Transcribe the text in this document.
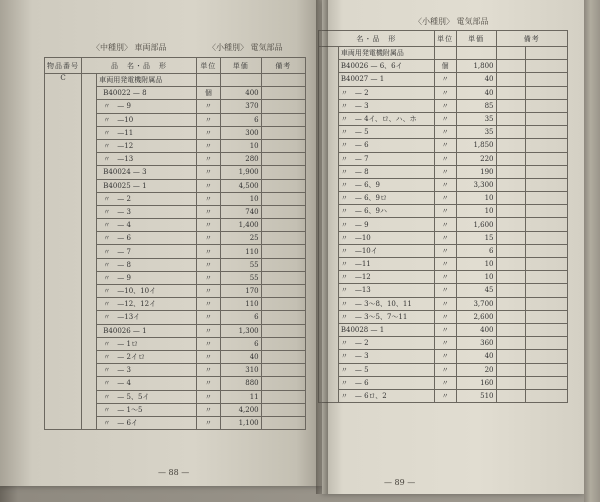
〈中種別〉 車両部品	〈小種別〉 電気部品
物品番号	品　名・品　形		単位	単価	備考
C		車両用発電機附属品			
		B40022 — 8	個	400	
		〃　— 9	〃	370	
		〃　—10	〃	6	
		〃　—11	〃	300	
		〃　—12	〃	10	
		〃　—13	〃	280	
		B40024 — 3	〃	1,900	
		B40025 — 1	〃	4,500	
		〃　— 2	〃	10	
		〃　— 3	〃	740	
		〃　— 4	〃	1,400	
		〃　— 6	〃	25	
		〃　— 7	〃	110	
		〃　— 8	〃	55	
		〃　— 9	〃	55	
		〃　—10、10イ	〃	170	
		〃　—12、12イ	〃	110	
		〃　—13イ	〃	6	
		B40026 — 1	〃	1,300	
		〃　— 1ロ	〃	6	
		〃　— 2イロ	〃	40	
		〃　— 3	〃	310	
		〃　— 4	〃	880	
		〃　— 5、5イ	〃	11	
		〃　— 1〜5	〃	4,200	
		〃　— 6イ	〃	1,100	
— 88 —
〈小種別〉 電気部品
名・品　形		単位	単価	備考	
	車両用発電機附属品				
	B40026 — 6、6イ	個	1,800		
	B40027 — 1	〃	40		
	〃　— 2	〃	40		
	〃　— 3	〃	85		
	〃　— 4イ、ロ、ハ、ホ	〃	35		
	〃　— 5	〃	35		
	〃　— 6	〃	1,850		
	〃　— 7	〃	220		
	〃　— 8	〃	190		
	〃　— 6、9	〃	3,300		
	〃　— 6、9ロ	〃	10		
	〃　— 6、9ハ	〃	10		
	〃　— 9	〃	1,600		
	〃　—10	〃	15		
	〃　—10イ	〃	6		
	〃　—11	〃	10		
	〃　—12	〃	10		
	〃　—13	〃	45		
	〃　— 3〜8、10、11	〃	3,700		
	〃　— 3〜5、7〜11	〃	2,600		
	B40028 — 1	〃	400		
	〃　— 2	〃	360		
	〃　— 3	〃	40		
	〃　— 5	〃	20		
	〃　— 6	〃	160		
	〃　— 6ロ、2	〃	510		
— 89 —
